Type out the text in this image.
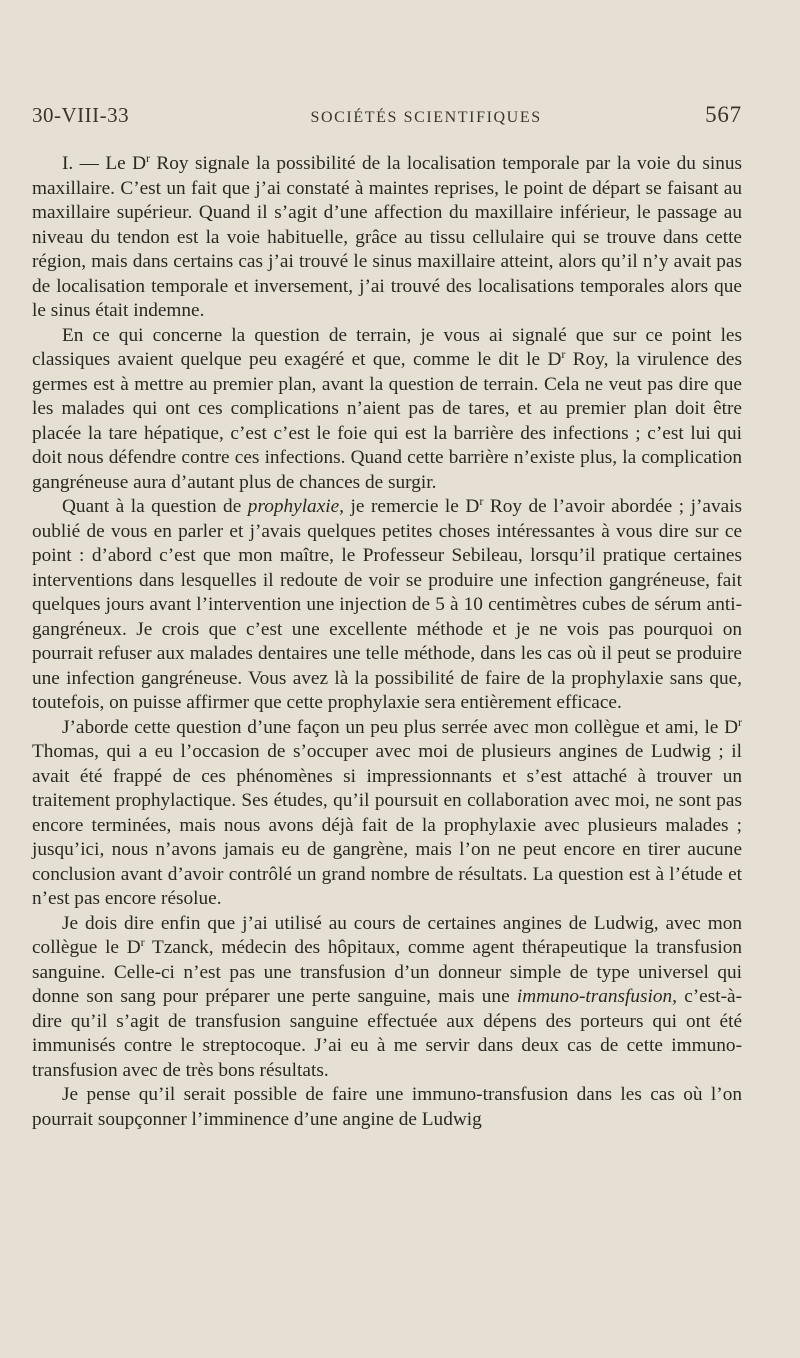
30-VIII-33	SOCIÉTÉS SCIENTIFIQUES	567

I. — Le $D^r$ Roy signale la possibilité de la localisation temporale par la voie du sinus maxillaire. C’est un fait que j’ai constaté à maintes reprises, le point de départ se faisant au maxillaire supérieur. Quand il s’agit d’une affection du maxillaire inférieur, le passage au niveau du tendon est la voie habituelle, grâce au tissu cellulaire qui se trouve dans cette région, mais dans certains cas j’ai trouvé le sinus maxillaire atteint, alors qu’il n’y avait pas de localisation temporale et inversement, j’ai trouvé des localisations temporales alors que le sinus était indemne.

En ce qui concerne la question de terrain, je vous ai signalé que sur ce point les classiques avaient quelque peu exagéré et que, comme le dit le $D^r$ Roy, la virulence des germes est à mettre au premier plan, avant la question de terrain. Cela ne veut pas dire que les malades qui ont ces complications n’aient pas de tares, et au premier plan doit être placée la tare hépatique, c’est c’est le foie qui est la barrière des infections ; c’est lui qui doit nous défendre contre ces infections. Quand cette barrière n’existe plus, la complication gangréneuse aura d’autant plus de chances de surgir.

Quant à la question de prophylaxie, je remercie le $D^r$ Roy de l’avoir abordée ; j’avais oublié de vous en parler et j’avais quelques petites choses intéressantes à vous dire sur ce point : d’abord c’est que mon maître, le Professeur Sebileau, lorsqu’il pratique certaines interventions dans lesquelles il redoute de voir se produire une infection gangréneuse, fait quelques jours avant l’intervention une injection de 5 à 10 centimètres cubes de sérum anti-gangréneux. Je crois que c’est une excellente méthode et je ne vois pas pourquoi on pourrait refuser aux malades dentaires une telle méthode, dans les cas où il peut se produire une infection gangréneuse. Vous avez là la possibilité de faire de la prophylaxie sans que, toutefois, on puisse affirmer que cette prophylaxie sera entièrement efficace.

J’aborde cette question d’une façon un peu plus serrée avec mon collègue et ami, le $D^r$ Thomas, qui a eu l’occasion de s’occuper avec moi de plusieurs angines de Ludwig ; il avait été frappé de ces phénomènes si impressionnants et s’est attaché à trouver un traitement prophylactique. Ses études, qu’il poursuit en collaboration avec moi, ne sont pas encore terminées, mais nous avons déjà fait de la prophylaxie avec plusieurs malades ; jusqu’ici, nous n’avons jamais eu de gangrène, mais l’on ne peut encore en tirer aucune conclusion avant d’avoir contrôlé un grand nombre de résultats. La question est à l’étude et n’est pas encore résolue.

Je dois dire enfin que j’ai utilisé au cours de certaines angines de Ludwig, avec mon collègue le $D^r$ Tzanck, médecin des hôpitaux, comme agent thérapeutique la transfusion sanguine. Celle-ci n’est pas une transfusion d’un donneur simple de type universel qui donne son sang pour préparer une perte sanguine, mais une immuno-transfusion, c’est-à-dire qu’il s’agit de transfusion sanguine effectuée aux dépens des porteurs qui ont été immunisés contre le streptocoque. J’ai eu à me servir dans deux cas de cette immuno-transfusion avec de très bons résultats.

Je pense qu’il serait possible de faire une immuno-transfusion dans les cas où l’on pourrait soupçonner l’imminence d’une angine de Ludwig
